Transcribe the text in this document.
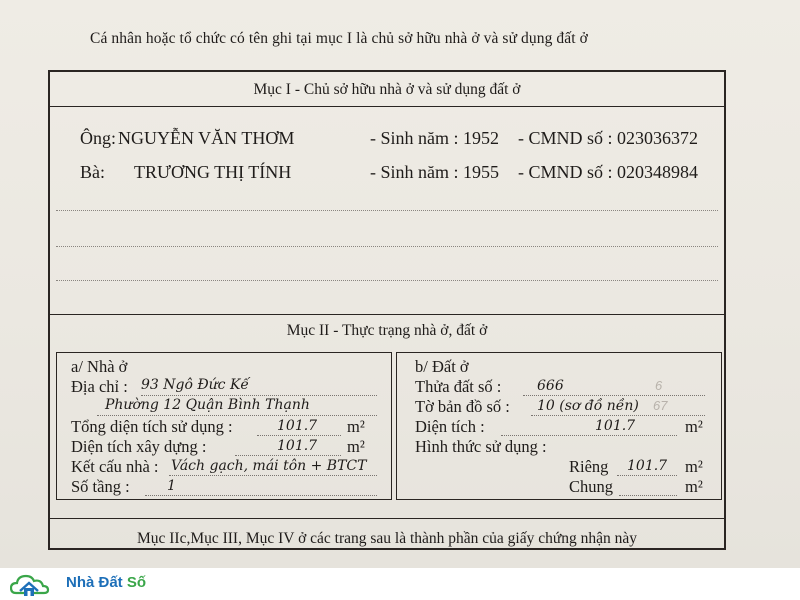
Cá nhân hoặc tổ chức có tên ghi tại mục I là chủ sở hữu nhà ở và sử dụng đất ở
Mục I - Chủ sở hữu nhà ở và sử dụng đất ở
Ông: NGUYỄN VĂN THƠM	- Sinh năm : 1952 - CMND số : 023036372
Bà: TRƯƠNG THỊ TÍNH	- Sinh năm : 1955 - CMND số : 020348984
Mục II - Thực trạng nhà ở, đất ở
a/ Nhà ở
Địa chỉ : 93 Ngô Đức Kế
Phường 12 Quận Bình Thạnh
Tổng diện tích sử dụng :	101.7 m²
Diện tích xây dựng :	101.7 m²
Kết cấu nhà : Vách gạch, mái tôn + BTCT
Số tầng :	1
b/ Đất ở
Thửa đất số :	666	6
Tờ bản đồ số : 10 (sơ đồ nền) 67
Diện tích :	101.7	m²
Hình thức sử dụng :
Riêng 101.7 m²
Chung	m²
Mục IIc,Mục III, Mục IV ở các trang sau là thành phần của giấy chứng nhận này
Nhà Đất Số
